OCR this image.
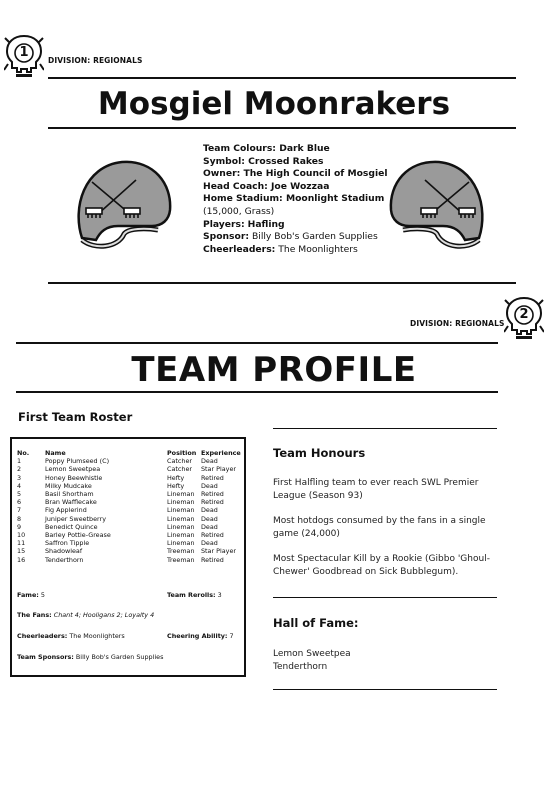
1
DIVISION: REGIONALS
Mosgiel Moonrakers
Team Colours: Dark Blue
Symbol: Crossed Rakes
Owner: The High Council of Mosgiel
Head Coach: Joe Wozzaa
Home Stadium: Moonlight Stadium
(15,000, Grass)
Players: Hafling
Sponsor: Billy Bob's Garden Supplies
Cheerleaders: The Moonlighters
DIVISION: REGIONALS
2
TEAM PROFILE
First Team Roster
No.	Name	Position	Experience
1	Poppy Plumseed (C)	Catcher	Dead
2	Lemon Sweetpea	Catcher	Star Player
3	Honey Beewhistle	Hefty	Retired
4	Milky Mudcake	Hefty	Dead
5	Basil Shortham	Lineman	Retired
6	Bran Wafflecake	Lineman	Retired
7	Fig Applerind	Lineman	Dead
8	Juniper Sweetberry	Lineman	Dead
9	Benedict Quince	Lineman	Dead
10	Barley Pottie-Grease	Lineman	Retired
11	Saffron Tipple	Lineman	Dead
15	Shadowleaf	Treeman	Star Player
16	Tenderthorn	Treeman	Retired
Fame: 5	Team Rerolls: 3
The Fans: Chant 4; Hooligans 2; Loyalty 4
Cheerleaders: The Moonlighters	Cheering Ability: 7
Team Sponsors: Billy Bob's Garden Supplies
Team Honours
First Halfling team to ever reach SWL Premier League (Season 93)
Most hotdogs consumed by the fans in a single game (24,000)
Most Spectacular Kill by a Rookie (Gibbo 'Ghoul-Chewer' Goodbread on Sick Bubblegum).
Hall of Fame:
Lemon Sweetpea
Tenderthorn
